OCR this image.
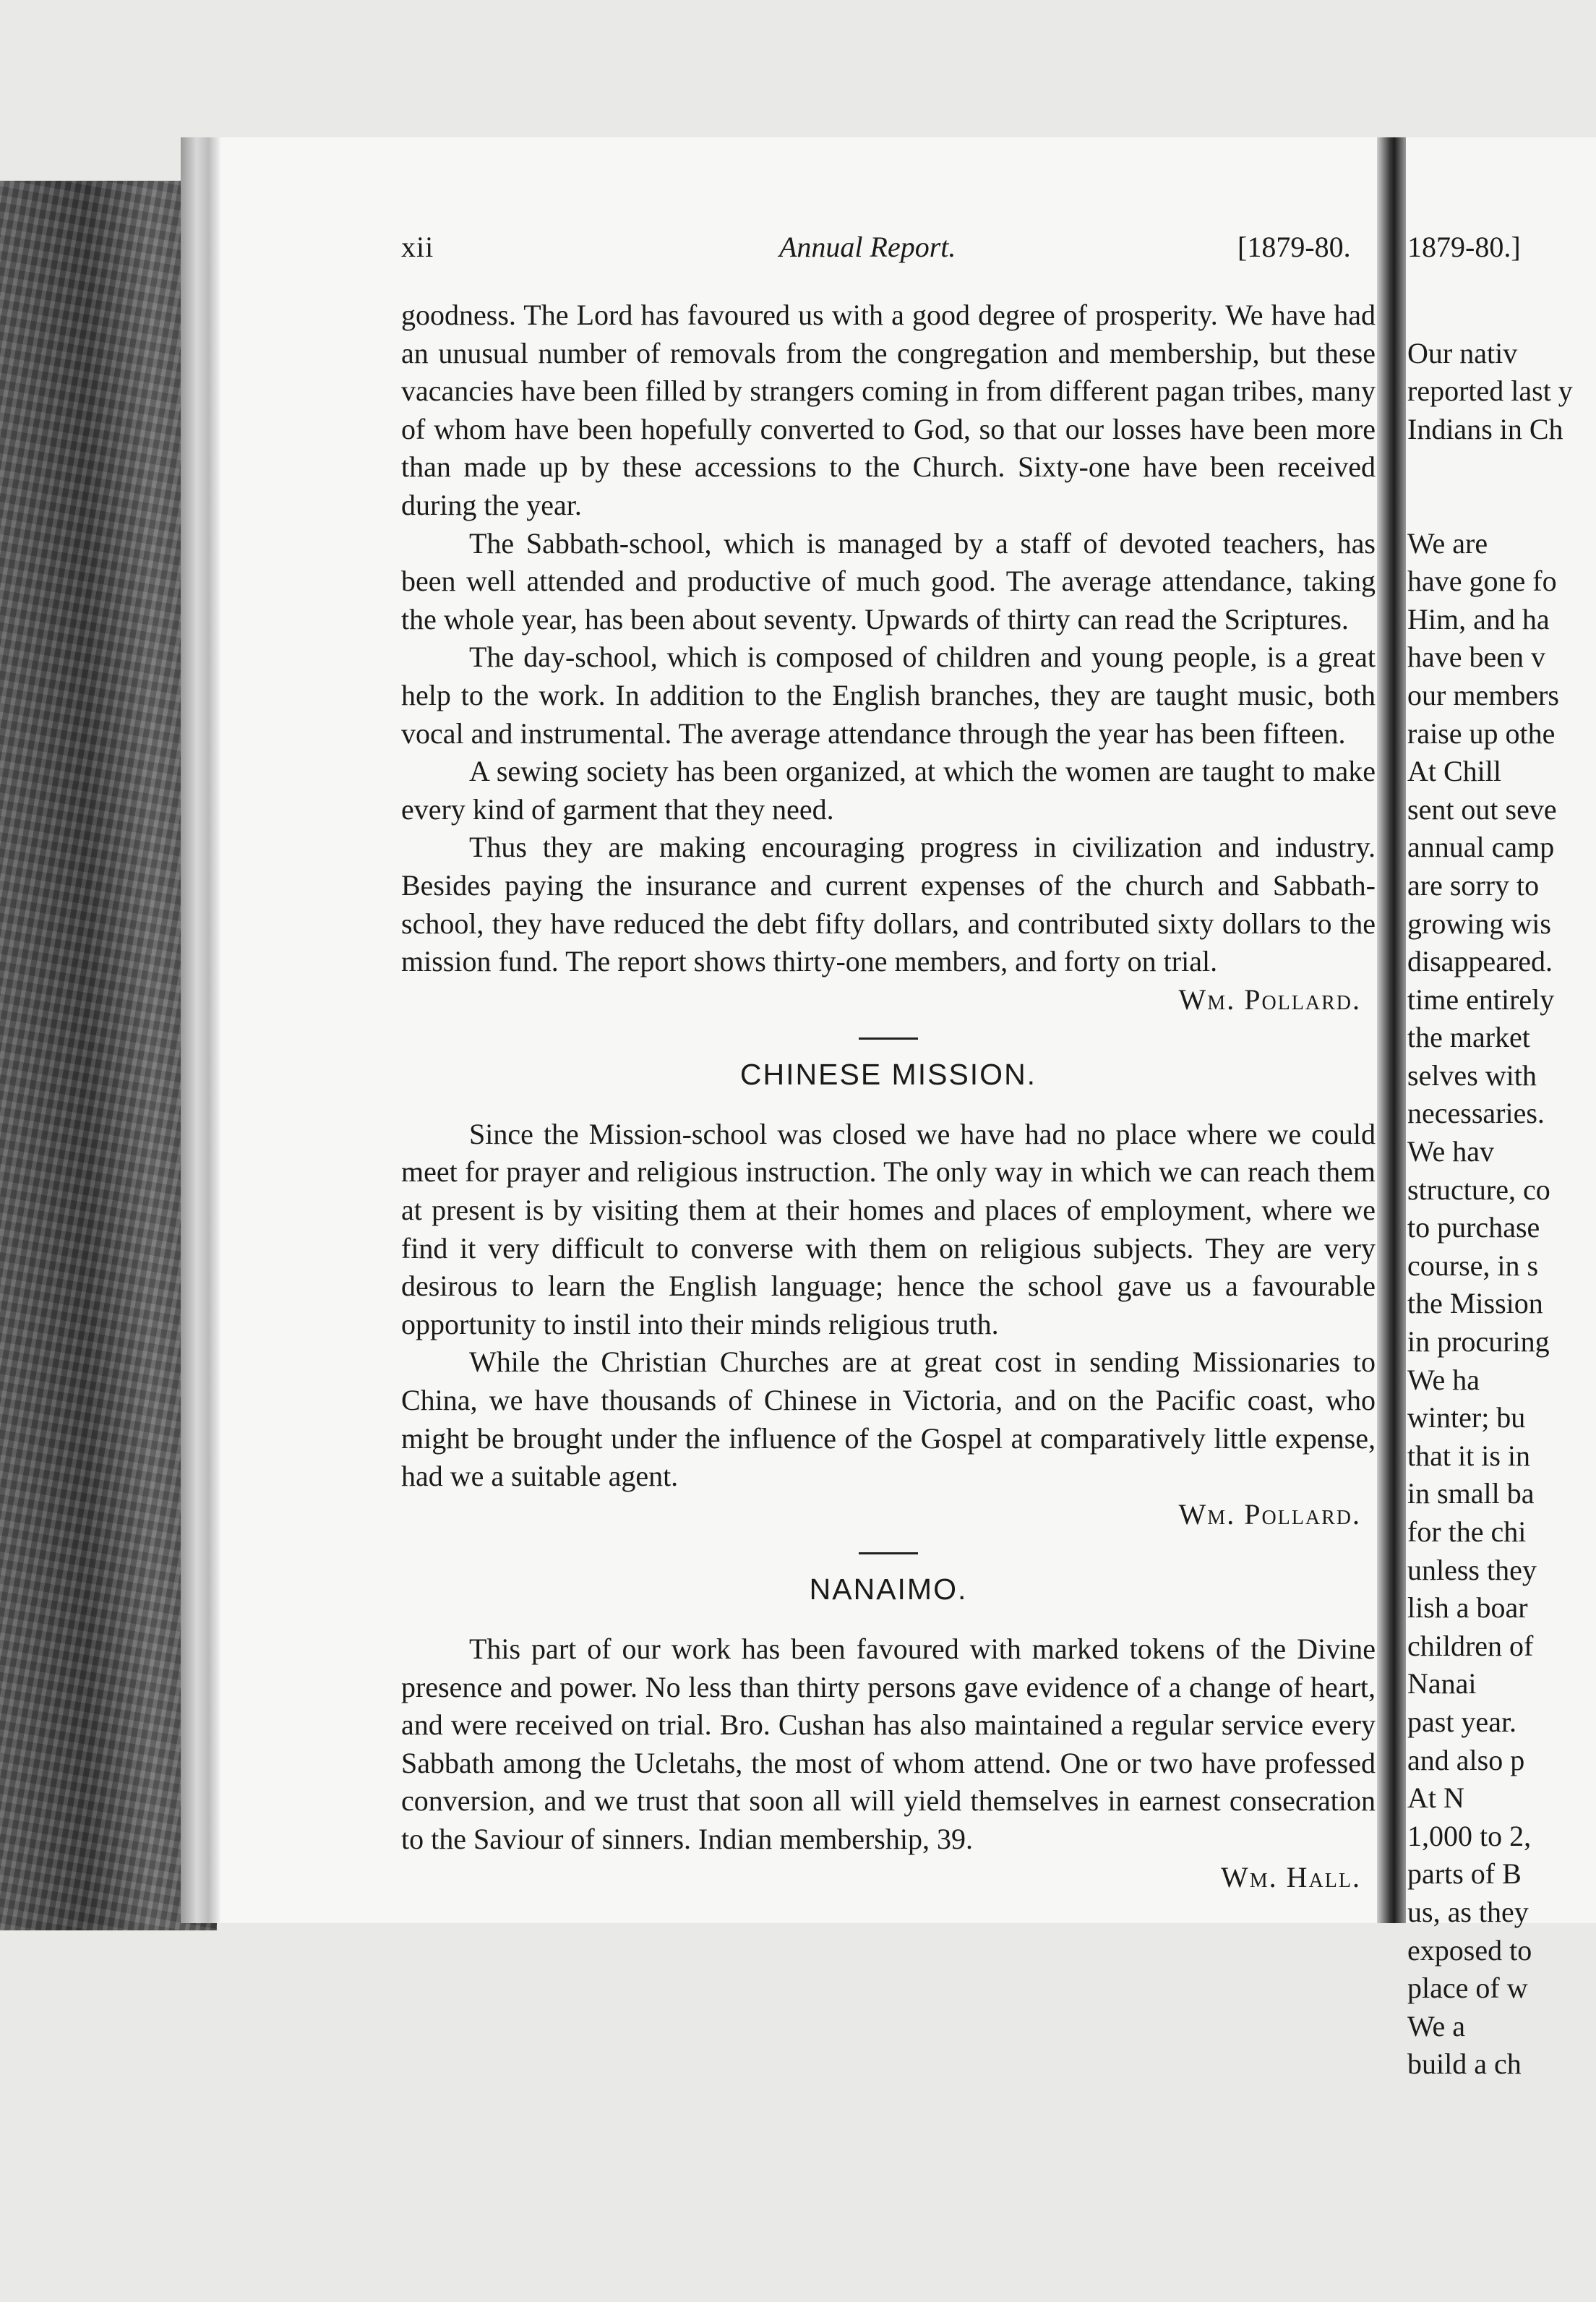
xii	Annual Report.	[1879-80. 1879-80.]

goodness. The Lord has favoured us with a good degree of prosperity. We have had an unusual number of removals from the congregation and membership, but these vacancies have been filled by strangers coming in from different pagan tribes, many of whom have been hopefully converted to God, so that our losses have been more than made up by these accessions to the Church. Sixty-one have been received during the year.

The Sabbath-school, which is managed by a staff of devoted teachers, has been well attended and productive of much good. The average attendance, taking the whole year, has been about seventy. Upwards of thirty can read the Scriptures.

The day-school, which is composed of children and young people, is a great help to the work. In addition to the English branches, they are taught music, both vocal and instrumental. The average attendance through the year has been fifteen.

A sewing society has been organized, at which the women are taught to make every kind of garment that they need.

Thus they are making encouraging progress in civilization and industry. Besides paying the insurance and current expenses of the church and Sabbath-school, they have reduced the debt fifty dollars, and contributed sixty dollars to the mission fund. The report shows thirty-one members, and forty on trial.
Wm. Pollard.

CHINESE MISSION.

Since the Mission-school was closed we have had no place where we could meet for prayer and religious instruction. The only way in which we can reach them at present is by visiting them at their homes and places of employment, where we find it very difficult to converse with them on religious subjects. They are very desirous to learn the English language; hence the school gave us a favourable opportunity to instil into their minds religious truth.

While the Christian Churches are at great cost in sending Missionaries to China, we have thousands of Chinese in Victoria, and on the Pacific coast, who might be brought under the influence of the Gospel at comparatively little expense, had we a suitable agent.

Wm. Pollard.
NANAIMO.

This part of our work has been favoured with marked tokens of the Divine presence and power. No less than thirty persons gave evidence of a change of heart, and were received on trial. Bro. Cushan has also maintained a regular service every Sabbath among the Ucletahs, the most of whom attend. One or two have professed conversion, and we trust that soon all will yield themselves in earnest consecration to the Saviour of sinners. Indian membership, 39.

Wm. Hall.
Our nativ
reported last y
Indians in Ch
We are
have gone fo
Him, and ha
have been v
our members
raise up othe
At Chill
sent out seve
annual camp
are sorry to
growing wis
disappeared.
time entirely
the market
selves with
necessaries.
We hav
structure, co
to purchase
course, in s
the Mission
in procuring
We ha
winter; bu
that it is in
in small ba
for the chi
unless they
lish a boar
children of
Nanai
past year.
and also p
At N
1,000 to 2,
parts of B
us, as they
exposed to
place of w
We a
build a ch
